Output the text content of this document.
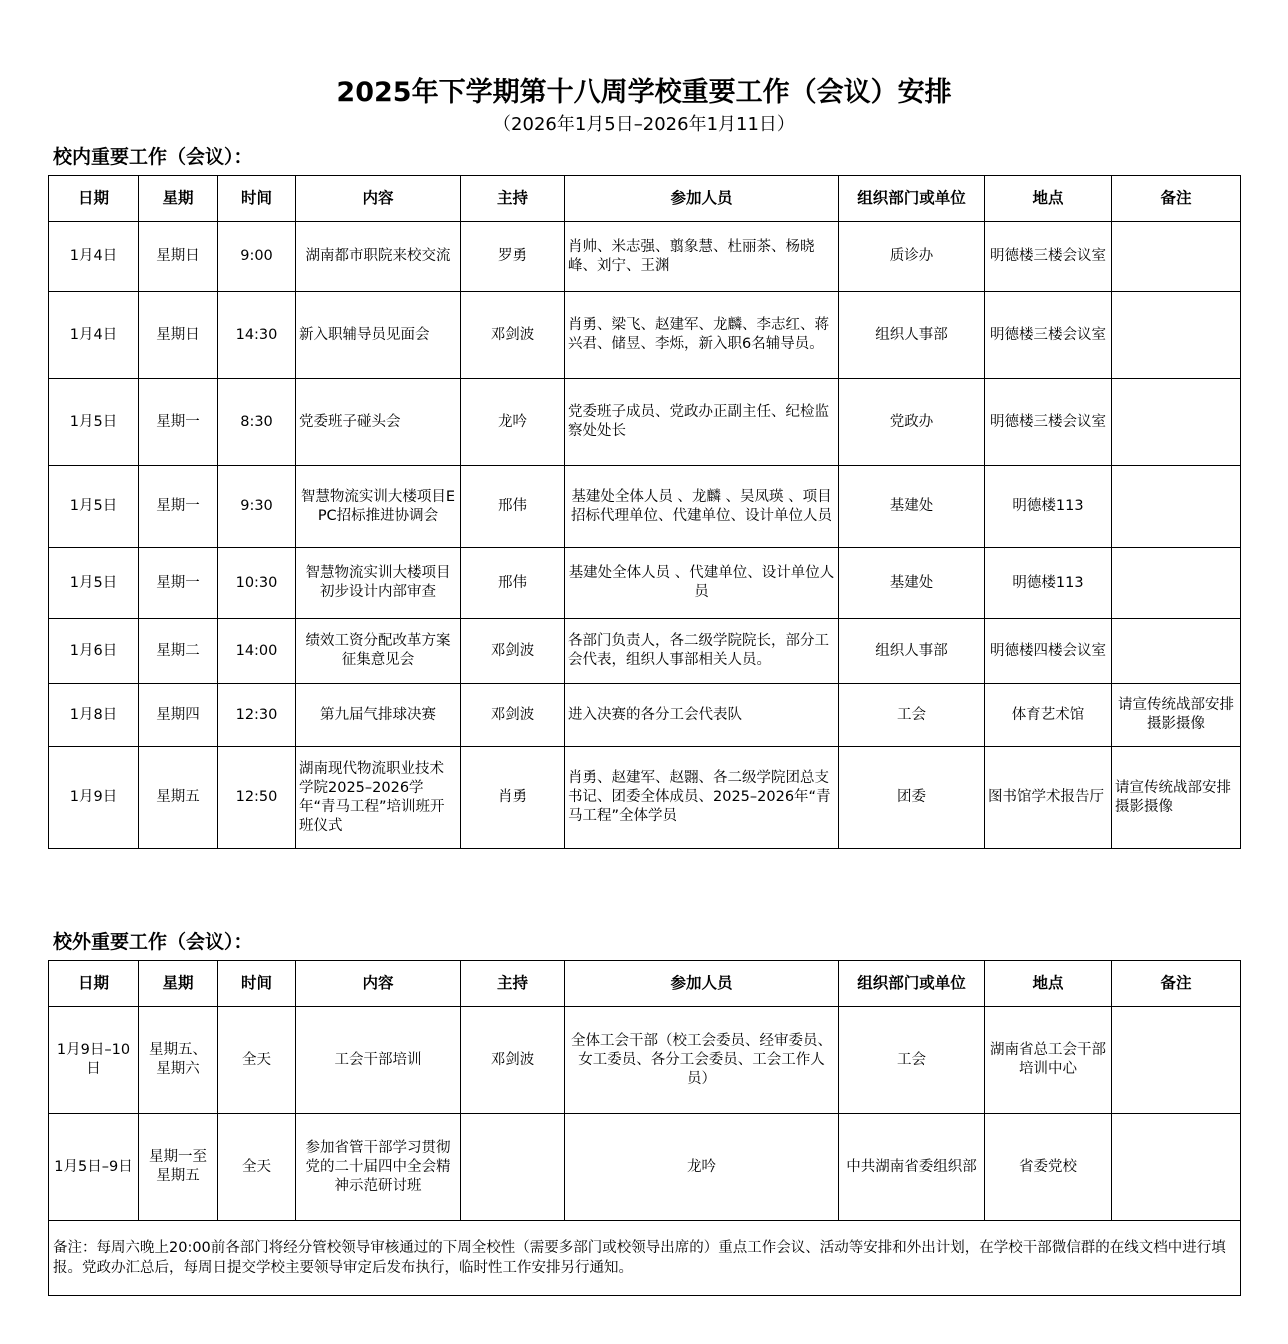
2025年下学期第十八周学校重要工作（会议）安排
（2026年1月5日–2026年1月11日）
校内重要工作（会议）：
日期	星期	时间	内容	主持	参加人员	组织部门或单位	地点	备注
1月4日	星期日	9:00	湖南都市职院来校交流	罗勇	肖帅、米志强、翦象慧、杜丽茶、杨晓峰、刘宁、王渊	质诊办	明德楼三楼会议室	
1月4日	星期日	14:30	新入职辅导员见面会	邓剑波	肖勇、梁飞、赵建军、龙麟、李志红、蒋兴君、储昱、李烁，新入职6名辅导员。	组织人事部	明德楼三楼会议室	
1月5日	星期一	8:30	党委班子碰头会	龙吟	党委班子成员、党政办正副主任、纪检监察处处长	党政办	明德楼三楼会议室	
1月5日	星期一	9:30	智慧物流实训大楼项目EPC招标推进协调会	邢伟	基建处全体人员 、龙麟 、吴凤瑛 、项目招标代理单位、代建单位、设计单位人员	基建处	明德楼113	
1月5日	星期一	10:30	智慧物流实训大楼项目初步设计内部审查	邢伟	基建处全体人员 、代建单位、设计单位人员	基建处	明德楼113	
1月6日	星期二	14:00	绩效工资分配改革方案征集意见会	邓剑波	各部门负责人，各二级学院院长，部分工会代表，组织人事部相关人员。	组织人事部	明德楼四楼会议室	
1月8日	星期四	12:30	第九届气排球决赛	邓剑波	进入决赛的各分工会代表队	工会	体育艺术馆	请宣传统战部安排摄影摄像
1月9日	星期五	12:50	湖南现代物流职业技术学院2025–2026学年“青马工程”培训班开班仪式	肖勇	肖勇、赵建军、赵翾、各二级学院团总支书记、团委全体成员、2025–2026年“青马工程”全体学员	团委	图书馆学术报告厅	请宣传统战部安排摄影摄像
校外重要工作（会议）：
日期	星期	时间	内容	主持	参加人员	组织部门或单位	地点	备注
1月9日–10日	星期五、星期六	全天	工会干部培训	邓剑波	全体工会干部（校工会委员、经审委员、女工委员、各分工会委员、工会工作人员）	工会	湖南省总工会干部培训中心	
1月5日–9日	星期一至星期五	全天	参加省管干部学习贯彻党的二十届四中全会精神示范研讨班		龙吟	中共湖南省委组织部	省委党校	
备注：每周六晚上20:00前各部门将经分管校领导审核通过的下周全校性（需要多部门或校领导出席的）重点工作会议、活动等安排和外出计划，在学校干部微信群的在线文档中进行填报。党政办汇总后，每周日提交学校主要领导审定后发布执行，临时性工作安排另行通知。								
